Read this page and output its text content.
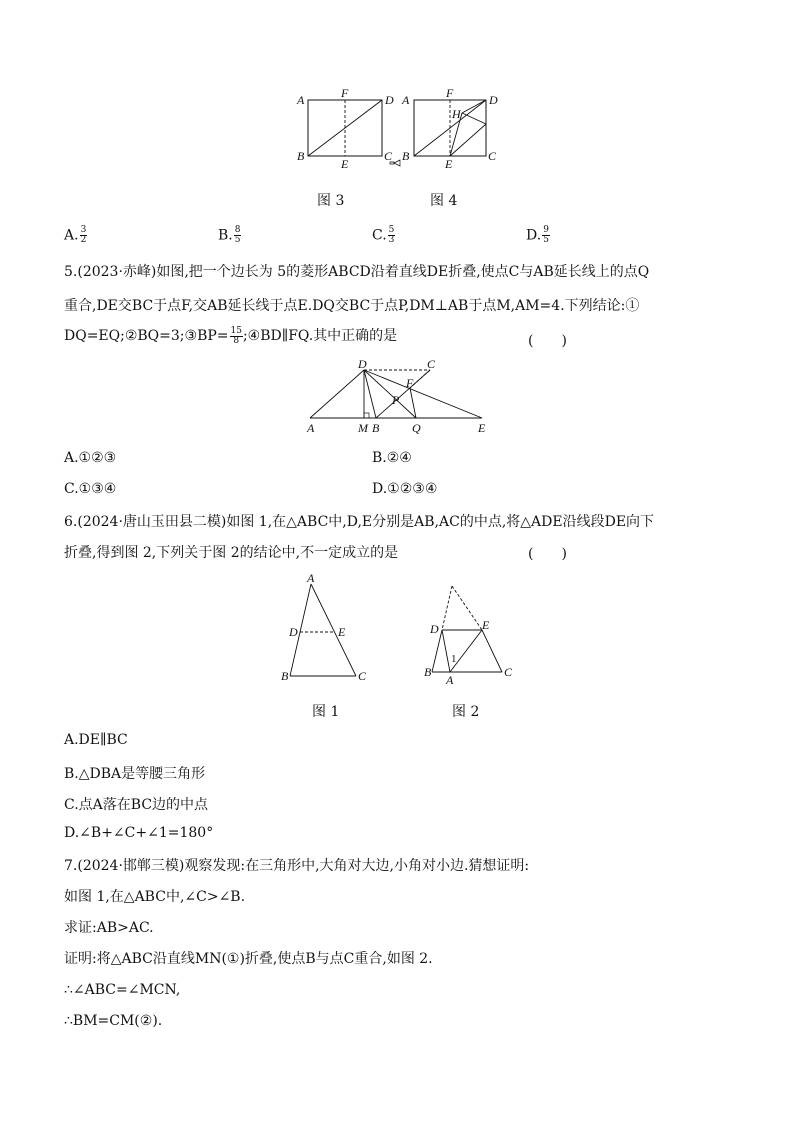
A	F	D
B
E
C
A	F	D
H
B
E
C
图 3	图 4
A. $\frac{3}{2}$	B. $\frac{8}{5}$	C. $\frac{5}{3}$	D. $\frac{9}{5}$
5.(2023·赤峰)如图,把一个边长为 5的菱形ABCD沿着直线DE折叠,使点C与AB延长线上的点Q
重合,DE交BC于点F,交AB延长线于点E.DQ交BC于点P,DM⊥AB于点M,AM=4.下列结论:①
DQ=EQ;②BQ=3;③BP= $\frac{15}{8}$ ;④BD∥FQ.其中正确的是	(　　)
D	C
F
P
A	M B	Q	E
A.①②③	B.②④
C.①③④	D.①②③④
6.(2024·唐山玉田县二模)如图 1,在△ABC中,D,E分别是AB,AC的中点,将△ADE沿线段DE向下
折叠,得到图 2,下列关于图 2的结论中,不一定成立的是	(　　)
A
D	E
B	C
D	E
1
B
A
C
图 1	图 2
A.DE∥BC
B.△DBA是等腰三角形
C.点A落在BC边的中点
D.∠B+∠C+∠1=180°
7.(2024·邯郸三模)观察发现:在三角形中,大角对大边,小角对小边.猜想证明:
如图 1,在△ABC中,∠C>∠B.
求证:AB>AC.
证明:将△ABC沿直线MN(①)折叠,使点B与点C重合,如图 2.
∴∠ABC=∠MCN,
∴BM=CM(②).
